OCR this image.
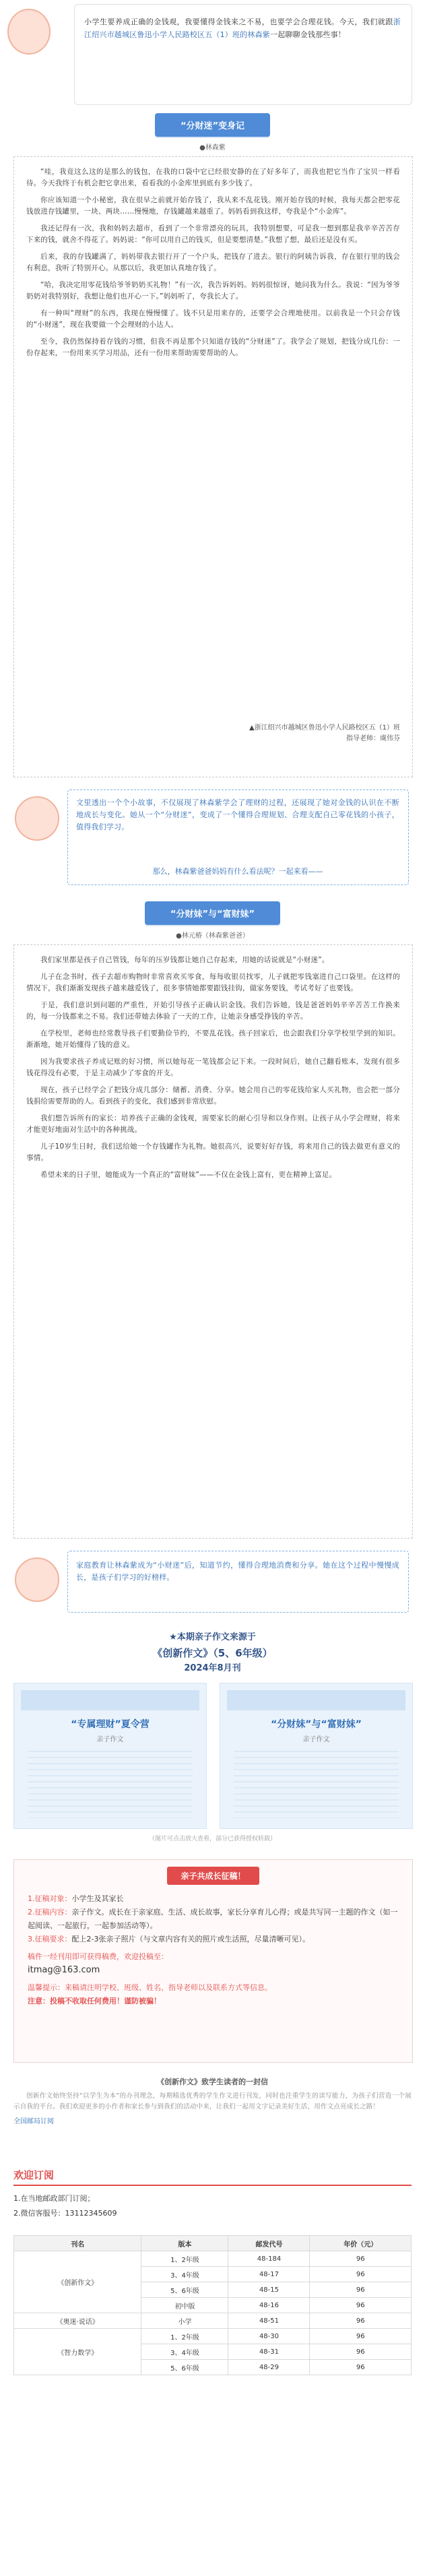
小学生要养成正确的金钱观，我要懂得金钱来之不易，也要学会合理花钱。今天，我们就跟浙江绍兴市越城区鲁迅小学人民路校区五（1）班的林森紫一起聊聊金钱那些事！
“分财迷”变身记
●林森紫

“哇，我竟这么这的是那么的钱包，在我的口袋中它已经很安静的在了好多年了，而我也把它当作了宝贝一样看待。今天我终于有机会把它拿出来，看看我的小金库里到底有多少钱了。

你应该知道一个小秘密，我在很早之前就开始存钱了，我从来不乱花钱。刚开始存钱的时候，我每天都会把零花钱放进存钱罐里，一块、两块……慢慢地，存钱罐越来越重了。妈妈看到我这样，夸我是个“小金库”。

我还记得有一次，我和妈妈去超市，看到了一个非常漂亮的玩具，我特别想要，可是我一想到那是我辛辛苦苦存下来的钱，就舍不得花了。妈妈说：“你可以用自己的钱买，但是要想清楚。”我想了想，最后还是没有买。

后来，我的存钱罐满了，妈妈带我去银行开了一个户头，把钱存了进去。银行的阿姨告诉我，存在银行里的钱会有利息，我听了特别开心。从那以后，我更加认真地存钱了。

“哈，我决定用零花钱给爷爷奶奶买礼物！”有一次，我告诉妈妈。妈妈很惊讶，她问我为什么。我说：“因为爷爷奶奶对我特别好，我想让他们也开心一下。”妈妈听了，夸我长大了。

有一种叫“理财”的东西，我现在慢慢懂了。钱不只是用来存的，还要学会合理地使用。以前我是一个只会存钱的“小财迷”，现在我要做一个会理财的小达人。

至今，我仍然保持着存钱的习惯，但我不再是那个只知道存钱的“分财迷”了。我学会了规划，把钱分成几份：一份存起来，一份用来买学习用品，还有一份用来帮助需要帮助的人。

▲浙江绍兴市越城区鲁迅小学人民路校区五（1）班
指导老师：虞伟芬
文里透出一个个小故事，不仅展现了林森紫学会了理财的过程，还展现了她对金钱的认识在不断地成长与变化。她从一个“分财迷”，变成了一个懂得合理规划、合理支配自己零花钱的小孩子，值得我们学习。
那么，林森紫爸爸妈妈有什么看法呢？一起来看——
“分财妹”与“富财妹”
●林元椿（林森紫爸爸）

我们家里都是孩子自己管钱，每年的压岁钱都让她自己存起来，用她的话说就是“小财迷”。

儿子在念书时，孩子去超市购物时非常喜欢买零食，每每收银员找零，儿子就把零钱塞进自己口袋里。在这样的情况下，我们渐渐发现孩子越来越爱钱了，很多事情她都要跟钱挂钩，做家务要钱，考试考好了也要钱。

于是，我们意识到问题的严重性，开始引导孩子正确认识金钱。我们告诉她，钱是爸爸妈妈辛辛苦苦工作换来的，每一分钱都来之不易。我们还带她去体验了一天的工作，让她亲身感受挣钱的辛苦。

在学校里，老师也经常教导孩子们要勤俭节约，不要乱花钱。孩子回家后，也会跟我们分享学校里学到的知识。渐渐地，她开始懂得了钱的意义。

因为我要求孩子养成记账的好习惯，所以她每花一笔钱都会记下来。一段时间后，她自己翻看账本，发现有很多钱花得没有必要，于是主动减少了零食的开支。

现在，孩子已经学会了把钱分成几部分：储蓄、消费、分享。她会用自己的零花钱给家人买礼物，也会把一部分钱捐给需要帮助的人。看到孩子的变化，我们感到非常欣慰。

我们想告诉所有的家长：培养孩子正确的金钱观，需要家长的耐心引导和以身作则。让孩子从小学会理财，将来才能更好地面对生活中的各种挑战。

儿子10岁生日时，我们送给她一个存钱罐作为礼物。她很高兴，说要好好存钱，将来用自己的钱去做更有意义的事情。

希望未来的日子里，她能成为一个真正的“富财妹”——不仅在金钱上富有，更在精神上富足。

家庭教育让林森紫成为“小财迷”后，知道节约，懂得合理地消费和分享。她在这个过程中慢慢成长，是孩子们学习的好榜样。
★本期亲子作文来源于
《创新作文》（5、6年级）
2024年8月刊
“专属理财”夏令营
亲子作文
“分财妹”与“富财妹”
亲子作文
（图片可点击放大查看，部分已获得授权转载）
亲子共成长征稿！
1.征稿对象：小学生及其家长
2.征稿内容：亲子作文。成长在于亲家庭、生活、成长故事，家长分享育儿心得；或是共写同一主题的作文（如一起阅读、一起旅行，一起参加活动等）。
3.征稿要求：配上2-3张亲子照片（与文章内容有关的照片或生活照，尽量清晰可见）。
稿件一经刊用即可获得稿费，欢迎投稿至：
itmag@163.com
温馨提示：来稿请注明学校、班级、姓名、指导老师以及联系方式等信息。
注意：投稿不收取任何费用！谨防被骗！
《创新作文》致学生读者的一封信
创新作文始终坚持“以学生为本”的办刊理念，每期精选优秀的学生作文进行刊发，同时也注重学生的读写能力，为孩子们营造一个展示自我的平台。我们欢迎更多的小作者和家长参与到我们的活动中来，让我们一起用文字记录美好生活，用作文点亮成长之路！
全国邮局订阅
欢迎订阅
1.在当地邮政部门订阅；
2.微信客服号：13112345609
刊名	版本	邮发代号	年价（元）
《创新作文》	1、2年级	48-184	96
	3、4年级	48-17	96
	5、6年级	48-15	96
	初中版	48-16	96
《奥迷·说话》	小学	48-51	96
《智力数学》	1、2年级	48-30	96
	3、4年级	48-31	96
	5、6年级	48-29	96
